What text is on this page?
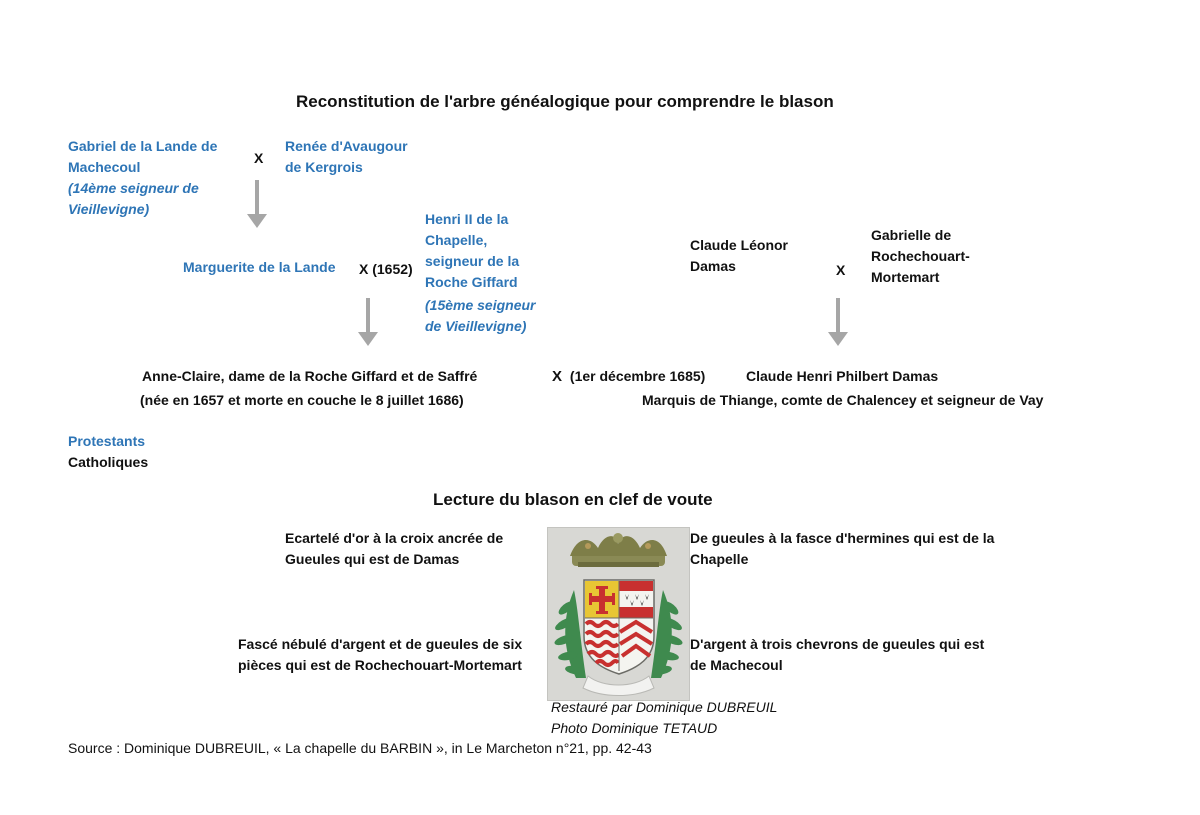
Reconstitution de l'arbre généalogique pour comprendre le blason
Gabriel de la Lande de
Machecoul
(14ème seigneur de
Vieillevigne)
X
Renée d'Avaugour
de Kergrois
Marguerite de la Lande X (1652)
Henri II de la
Chapelle,
seigneur de la
Roche Giffard
(15ème seigneur
de Vieillevigne)
Claude Léonor
Damas	X
Gabrielle de
Rochechouart-
Mortemart
Anne-Claire, dame de la Roche Giffard et de Saffré
(née en 1657 et morte en couche le 8 juillet 1686)
X (1er décembre 1685)	Claude Henri Philbert Damas
Marquis de Thiange, comte de Chalencey et seigneur de Vay
Protestants
Catholiques
Lecture du blason en clef de voute
Ecartelé d'or à la croix ancrée de
Gueules qui est de Damas
De gueules à la fasce d'hermines qui est de la
Chapelle
Fascé nébulé d'argent et de gueules de six
pièces qui est de Rochechouart-Mortemart
D'argent à trois chevrons de gueules qui est
de Machecoul
Restauré par Dominique DUBREUIL
Photo Dominique TETAUD
Source : Dominique DUBREUIL, « La chapelle du BARBIN », in Le Marcheton n°21, pp. 42-43
